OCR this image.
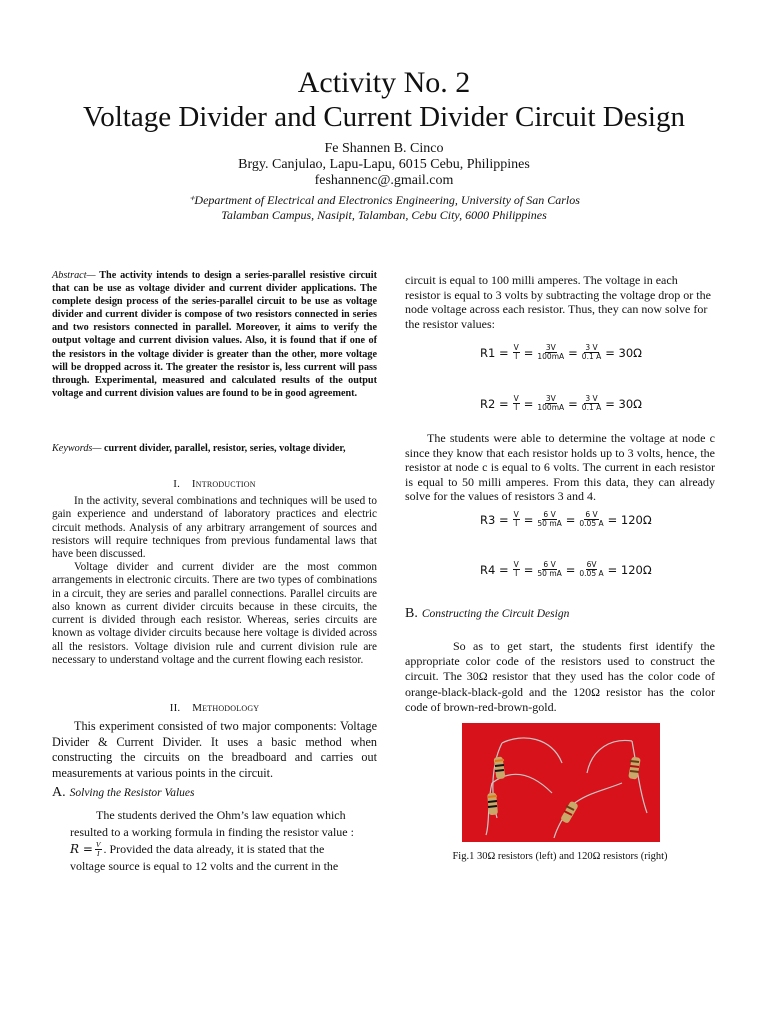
Activity No. 2
Voltage Divider and Current Divider Circuit Design
Fe Shannen B. Cinco
Brgy. Canjulao, Lapu-Lapu, 6015 Cebu, Philippines
feshannenc@.gmail.com
⁺Department of Electrical and Electronics Engineering, University of San Carlos
Talamban Campus, Nasipit, Talamban, Cebu City, 6000 Philippines
Abstract— The activity intends to design a series-parallel resistive circuit that can be use as voltage divider and current divider applications. The complete design process of the series-parallel circuit to be use as voltage divider and current divider is compose of two resistors connected in series and two resistors connected in parallel. Moreover, it aims to verify the output voltage and current division values. Also, it is found that if one of the resistors in the voltage divider is greater than the other, more voltage will be dropped across it. The greater the resistor is, less current will pass through. Experimental, measured and calculated results of the output voltage and current division values are found to be in good agreement.
Keywords— current divider, parallel, resistor, series, voltage divider,
I. Introduction
In the activity, several combinations and techniques will be used to gain experience and understand of laboratory practices and electric circuit methods. Analysis of any arbitrary arrangement of sources and resistors will require techniques from previous fundamental laws that have been discussed.
Voltage divider and current divider are the most common arrangements in electronic circuits. There are two types of combinations in a circuit, they are series and parallel connections. Parallel circuits are also known as current divider circuits because in these circuits, the current is divided through each resistor. Whereas, series circuits are known as voltage divider circuits because here voltage is divided across all the resistors. Voltage division rule and current division rule are necessary to understand voltage and the current flowing each resistor.
II. Methodology
This experiment consisted of two major components: Voltage Divider & Current Divider. It uses a basic method when constructing the circuits on the breadboard and carries out measurements at various points in the circuit.
A. Solving the Resistor Values
The students derived the Ohm’s law equation which resulted to a working formula in finding the resistor value :
$R = \frac{V}{I}$ . Provided the data already, it is stated that the
voltage source is equal to 12 volts and the current in the
circuit is equal to 100 milli amperes. The voltage in each resistor is equal to 3 volts by subtracting the voltage drop or the node voltage across each resistor. Thus, they can now solve for the resistor values:
$R1 = \frac{V}{I} = \frac{3V}{100mA} = \frac{3 V}{0.1 A} = 30\Omega$
$R2 = \frac{V}{I} = \frac{3V}{100mA} = \frac{3 V}{0.1 A} = 30\Omega$
The students were able to determine the voltage at node c since they know that each resistor holds up to 3 volts, hence, the resistor at node c is equal to 6 volts. The current in each resistor is equal to 50 milli amperes. From this data, they can already solve for the values of resistors 3 and 4.
$R3 = \frac{V}{I} = \frac{6 V}{50 mA} = \frac{6 V}{0.05 A} = 120\Omega$
$R4 = \frac{V}{I} = \frac{6 V}{50 mA} = \frac{6V}{0.05 A} = 120\Omega$
B. Constructing the Circuit Design
So as to get start, the students first identify the appropriate color code of the resistors used to construct the circuit. The 30Ω resistor that they used has the color code of orange-black-black-gold and the 120Ω resistor has the color code of brown-red-brown-gold.
Fig.1 30Ω resistors (left) and 120Ω resistors (right)
